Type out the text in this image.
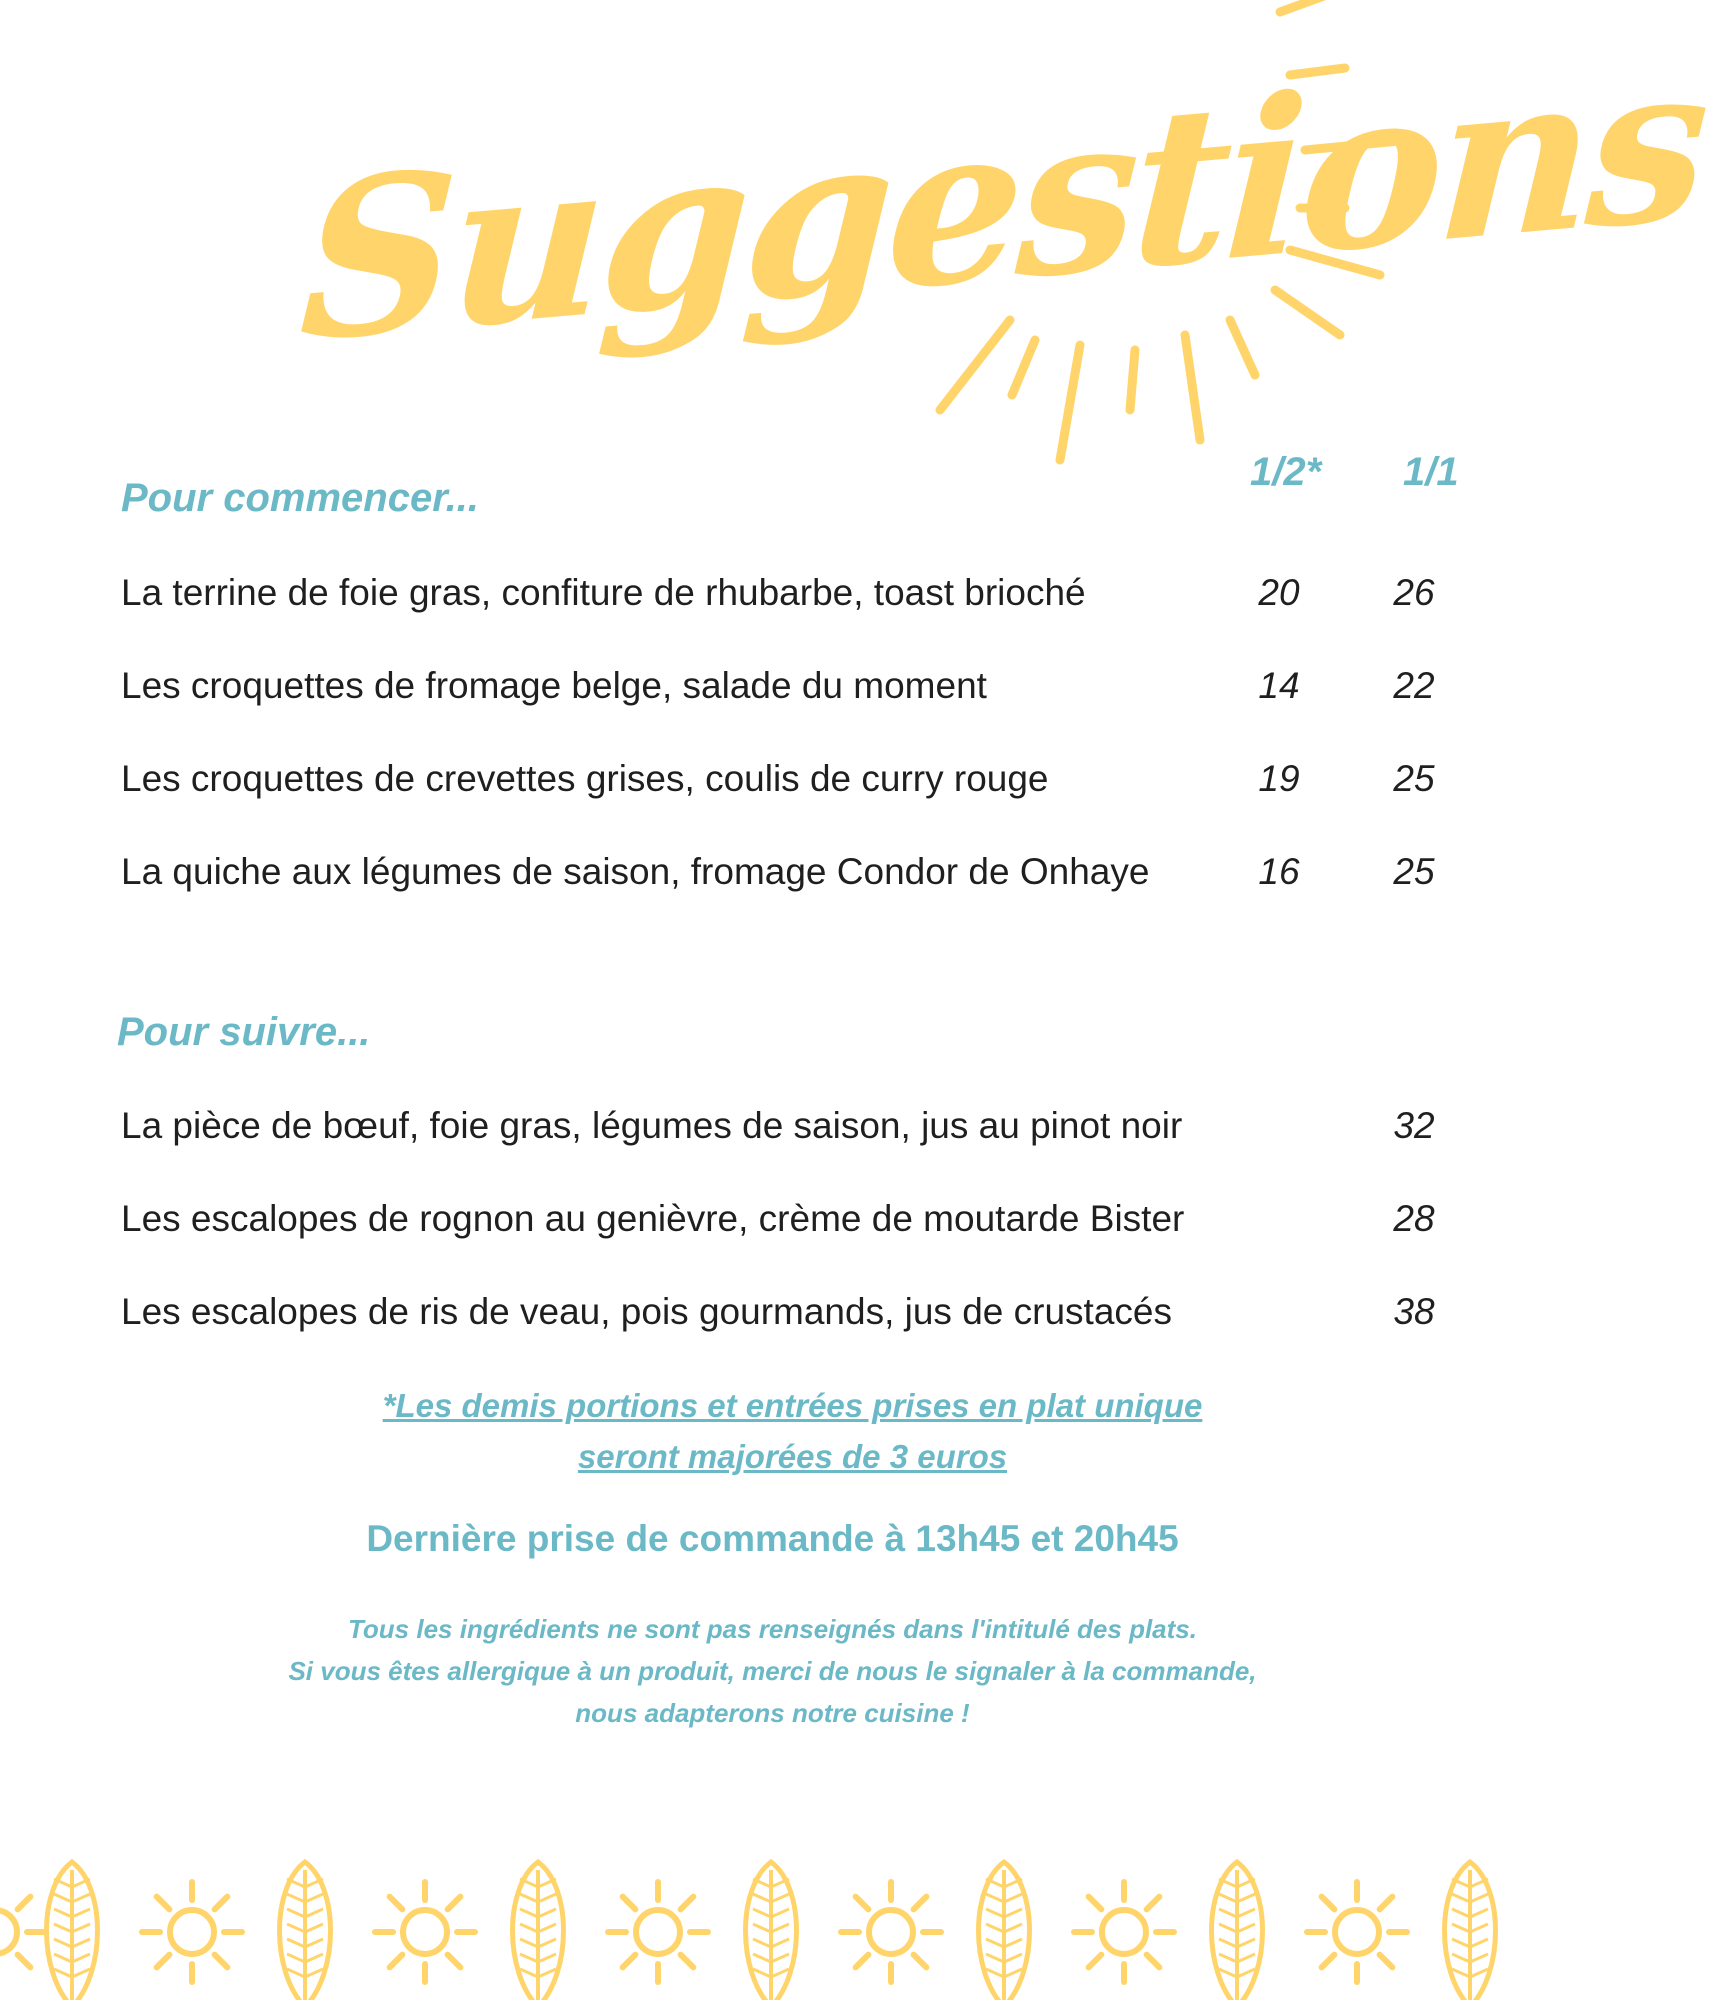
Suggestions
1/2* 1/1
Pour commencer...
La terrine de foie gras, confiture de rhubarbe, toast brioché	20	26
Les croquettes de fromage belge, salade du moment	14	22
Les croquettes de crevettes grises, coulis de curry rouge	19	25
La quiche aux légumes de saison, fromage Condor de Onhaye	16	25
Pour suivre...
La pièce de bœuf, foie gras, légumes de saison, jus au pinot noir	32
Les escalopes de rognon au genièvre, crème de moutarde Bister	28
Les escalopes de ris de veau, pois gourmands, jus de crustacés	38
*Les demis portions et entrées prises en plat unique
seront majorées de 3 euros
Dernière prise de commande à 13h45 et 20h45
Tous les ingrédients ne sont pas renseignés dans l'intitulé des plats.
Si vous êtes allergique à un produit, merci de nous le signaler à la commande,
nous adapterons notre cuisine !
